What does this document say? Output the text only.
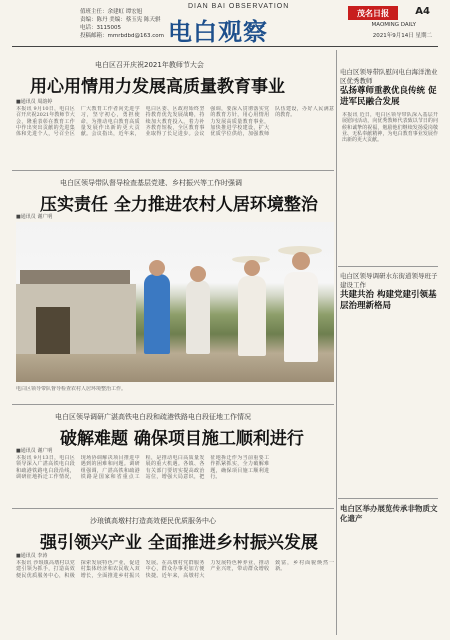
值班主任：余建虹 谭宏旭
责编：陈丹 美编：蔡玉宪 陈天骐
电话：3115005
投稿邮箱：mmrbdbd@163.com
DIAN BAI OBSERVATION
电白观察
茂名日报	A4
MAOMING DAILY
2021年9月14日 星期二
电白区召开庆祝2021年教师节大会
用心用情用力发展高质量教育事业
■通讯员 周韵婷
本报讯 9月10日，电白区召开庆祝2021年教师节大会，隆重表彰在教育工作中作出突出贡献的先进集体和先进个人，号召全区广大教育工作者向先进学习，坚守初心，勇担使命，为推动电白教育高质量发展作出新的更大贡献。会议指出，近年来，电白区委、区政府始终坚持教育优先发展战略，持续加大教育投入，着力补齐教育短板，全区教育事业取得了长足进步。会议强调，要深入贯彻落实党的教育方针，用心用情用力发展高质量教育事业，加快推进学校建设，扩大优质学位供给，加强教师队伍建设，办好人民满意的教育。
电白区领导带队督导检查基层党建、乡村振兴等工作时强调
压实责任 全力推进农村人居环境整治
■通讯员 谢广明
电白区领导带队督导检查农村人居环境整治工作。
电白区领导调研广湛高铁电白段和疏港铁路电白段征地工作情况
破解难题 确保项目施工顺利进行
■通讯员 谢广明
本报讯 9月13日，电白区领导深入广湛高铁电白段和疏港铁路电白段沿线，调研征地拆迁工作情况，现场协调解决项目推进中遇到的困难和问题。调研组强调，广湛高铁和疏港铁路是国家和省重点工程，是推动电白高质量发展的重大机遇。各镇、各有关部门要切实提高政治站位，增强大局意识，把征地拆迁作为当前重要工作抓紧抓实，全力破解难题，确保项目施工顺利进行。
沙琅镇高墩村打造高效便民优质服务中心
强引领兴产业 全面推进乡村振兴发展
■通讯员 李涛
本报讯 沙琅镇高墩村以党建引领为抓手，打造高效便民优质服务中心，积极探索发展特色产业，促进村集体经济和农民收入双增长，全面推进乡村振兴发展。在高墩村党群服务中心，群众办事更加方便快捷。近年来，高墩村大力发展特色种养业，推动产业兴旺，带动群众增收致富，乡村面貌焕然一新。
电白区领导带队慰问电白海洋渔业区优秀教师
弘扬尊师重教优良传统 促进军民融合发展
本报讯 近日，电白区领导带队深入基层开展慰问活动，向优秀教师代表致以节日的问候和诚挚的祝福，勉励他们继续发扬爱岗敬业、无私奉献精神，为电白教育事业发展作出新的更大贡献。
电白区领导调研水东街道领导班子建设工作
共建共治 构建党建引领基层治理新格局
电白区举办展览传承非物质文化遗产
